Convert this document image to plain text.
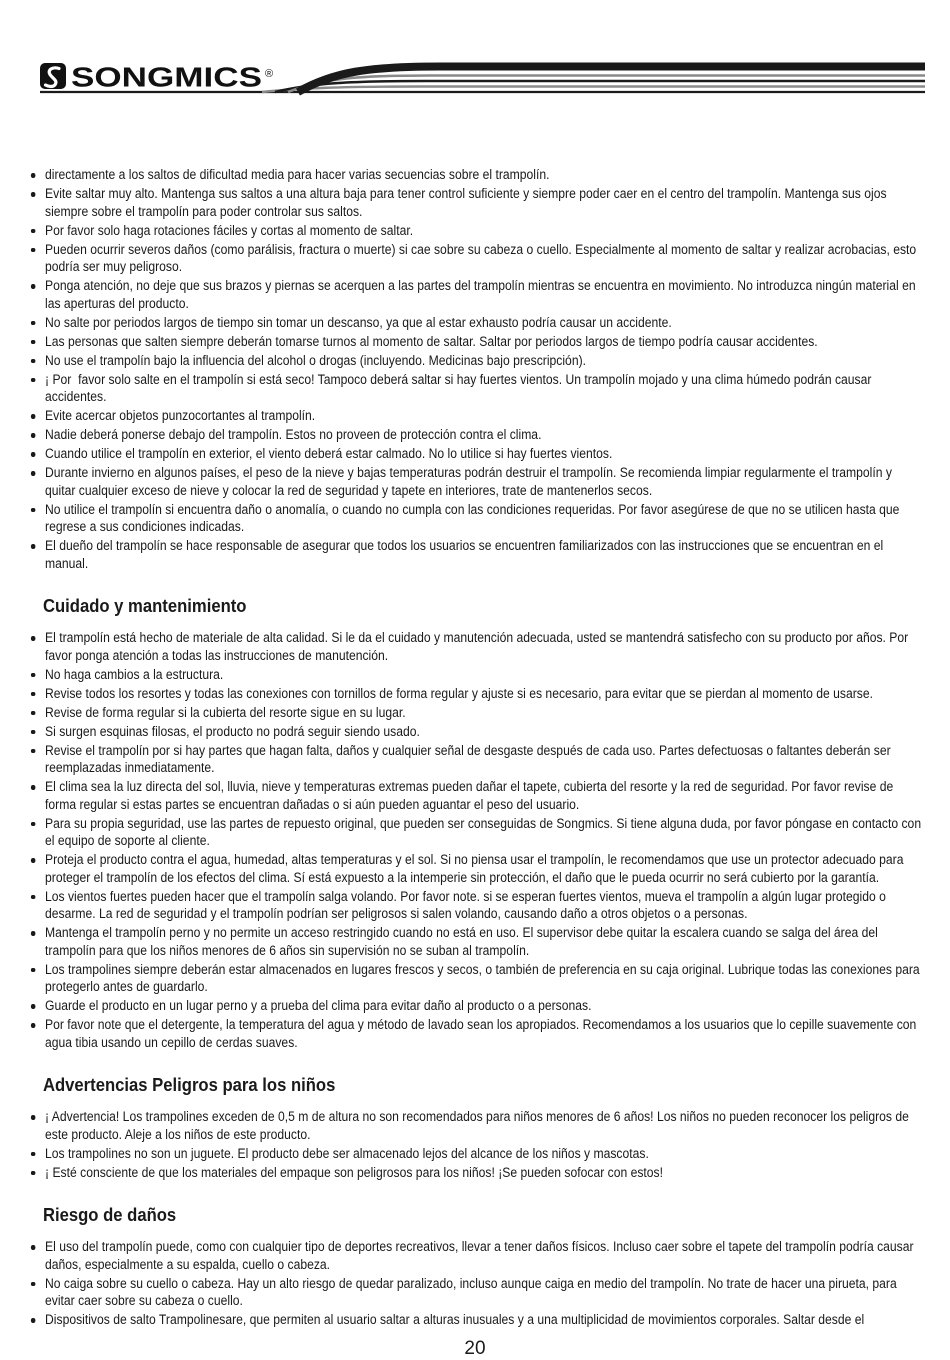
SONGMICS ®
directamente a los saltos de dificultad media para hacer varias secuencias sobre el trampolín.
Evite saltar muy alto. Mantenga sus saltos a una altura baja para tener control suficiente y siempre poder caer en el centro del trampolín. Mantenga sus ojos siempre sobre el trampolín para poder controlar sus saltos.
Por favor solo haga rotaciones fáciles y cortas al momento de saltar.
Pueden ocurrir severos daños (como parálisis, fractura o muerte) si cae sobre su cabeza o cuello. Especialmente al momento de saltar y realizar acrobacias, esto podría ser muy peligroso.
Ponga atención, no deje que sus brazos y piernas se acerquen a las partes del trampolín mientras se encuentra en movimiento. No introduzca ningún material en las aperturas del producto.
No salte por periodos largos de tiempo sin tomar un descanso, ya que al estar exhausto podría causar un accidente.
Las personas que salten siempre deberán tomarse turnos al momento de saltar. Saltar por periodos largos de tiempo podría causar accidentes.
No use el trampolín bajo la influencia del alcohol o drogas (incluyendo. Medicinas bajo prescripción).
¡ Por  favor solo salte en el trampolín si está seco! Tampoco deberá saltar si hay fuertes vientos. Un trampolín mojado y una clima húmedo podrán causar accidentes.
Evite acercar objetos punzocortantes al trampolín.
Nadie deberá ponerse debajo del trampolín. Estos no proveen de protección contra el clima.
Cuando utilice el trampolín en exterior, el viento deberá estar calmado. No lo utilice si hay fuertes vientos.
Durante invierno en algunos países, el peso de la nieve y bajas temperaturas podrán destruir el trampolín. Se recomienda limpiar regularmente el trampolín y quitar cualquier exceso de nieve y colocar la red de seguridad y tapete en interiores, trate de mantenerlos secos.
No utilice el trampolín si encuentra daño o anomalía, o cuando no cumpla con las condiciones requeridas. Por favor asegúrese de que no se utilicen hasta que regrese a sus condiciones indicadas.
El dueño del trampolín se hace responsable de asegurar que todos los usuarios se encuentren familiarizados con las instrucciones que se encuentran en el manual.
Cuidado y mantenimiento
El trampolín está hecho de materiale de alta calidad. Si le da el cuidado y manutención adecuada, usted se mantendrá satisfecho con su producto por años. Por favor ponga atención a todas las instrucciones de manutención.
No haga cambios a la estructura.
Revise todos los resortes y todas las conexiones con tornillos de forma regular y ajuste si es necesario, para evitar que se pierdan al momento de usarse.
Revise de forma regular si la cubierta del resorte sigue en su lugar.
Si surgen esquinas filosas, el producto no podrá seguir siendo usado.
Revise el trampolín por si hay partes que hagan falta, daños y cualquier señal de desgaste después de cada uso. Partes defectuosas o faltantes deberán ser reemplazadas inmediatamente.
El clima sea la luz directa del sol, lluvia, nieve y temperaturas extremas pueden dañar el tapete, cubierta del resorte y la red de seguridad. Por favor revise de forma regular si estas partes se encuentran dañadas o si aún pueden aguantar el peso del usuario.
Para su propia seguridad, use las partes de repuesto original, que pueden ser conseguidas de Songmics. Si tiene alguna duda, por favor póngase en contacto con el equipo de soporte al cliente.
Proteja el producto contra el agua, humedad, altas temperaturas y el sol. Si no piensa usar el trampolín, le recomendamos que use un protector adecuado para proteger el trampolín de los efectos del clima. Sí está expuesto a la intemperie sin protección, el daño que le pueda ocurrir no será cubierto por la garantía.
Los vientos fuertes pueden hacer que el trampolín salga volando. Por favor note. si se esperan fuertes vientos, mueva el trampolín a algún lugar protegido o desarme. La red de seguridad y el trampolín podrían ser peligrosos si salen volando, causando daño a otros objetos o a personas.
Mantenga el trampolín perno y no permite un acceso restringido cuando no está en uso. El supervisor debe quitar la escalera cuando se salga del área del trampolín para que los niños menores de 6 años sin supervisión no se suban al trampolín.
Los trampolines siempre deberán estar almacenados en lugares frescos y secos, o también de preferencia en su caja original. Lubrique todas las conexiones para protegerlo antes de guardarlo.
Guarde el producto en un lugar perno y a prueba del clima para evitar daño al producto o a personas.
Por favor note que el detergente, la temperatura del agua y método de lavado sean los apropiados. Recomendamos a los usuarios que lo cepille suavemente con agua tibia usando un cepillo de cerdas suaves.
Advertencias Peligros para los niños
¡ Advertencia! Los trampolines exceden de 0,5 m de altura no son recomendados para niños menores de 6 años! Los niños no pueden reconocer los peligros de este producto. Aleje a los niños de este producto.
Los trampolines no son un juguete. El producto debe ser almacenado lejos del alcance de los niños y mascotas.
¡ Esté consciente de que los materiales del empaque son peligrosos para los niños! ¡Se pueden sofocar con estos!
Riesgo de daños
El uso del trampolín puede, como con cualquier tipo de deportes recreativos, llevar a tener daños físicos. Incluso caer sobre el tapete del trampolín podría causar daños, especialmente a su espalda, cuello o cabeza.
No caiga sobre su cuello o cabeza. Hay un alto riesgo de quedar paralizado, incluso aunque caiga en medio del trampolín. No trate de hacer una pirueta, para evitar caer sobre su cabeza o cuello.
Dispositivos de salto Trampolinesare, que permiten al usuario saltar a alturas inusuales y a una multiplicidad de movimientos corporales. Saltar desde el
20
